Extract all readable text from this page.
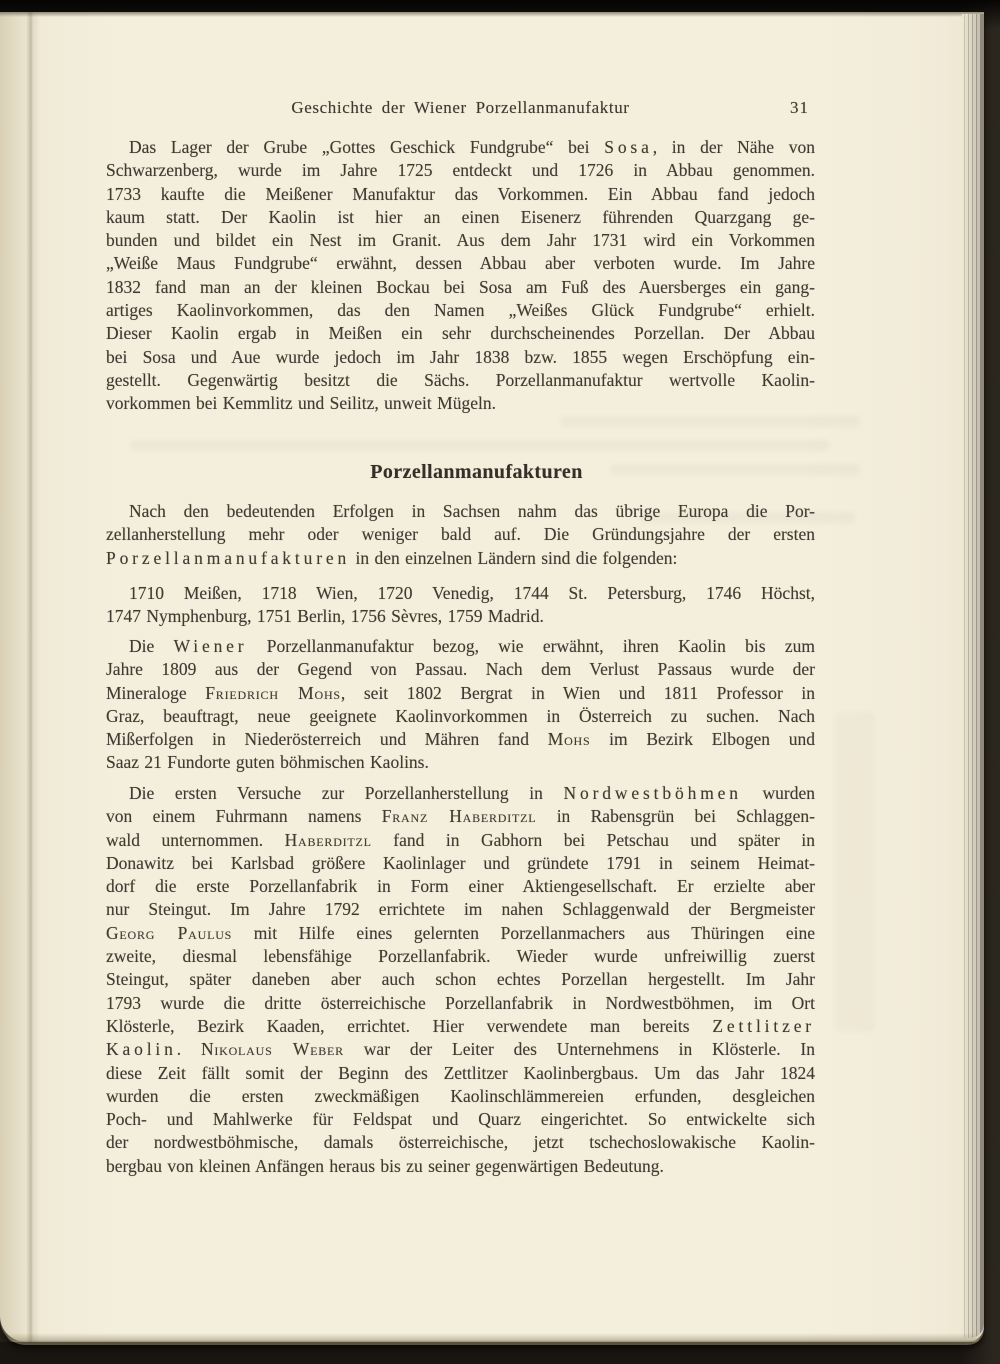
Geschichte der Wiener Porzellanmanufaktur	31
Das Lager der Grube „Gottes Geschick Fundgrube“ bei Sosa, in der Nähe von
Schwarzenberg, wurde im Jahre 1725 entdeckt und 1726 in Abbau genommen.
1733 kaufte die Meißener Manufaktur das Vorkommen. Ein Abbau fand jedoch
kaum statt. Der Kaolin ist hier an einen Eisenerz führenden Quarzgang ge-
bunden und bildet ein Nest im Granit. Aus dem Jahr 1731 wird ein Vorkommen
„Weiße Maus Fundgrube“ erwähnt, dessen Abbau aber verboten wurde. Im Jahre
1832 fand man an der kleinen Bockau bei Sosa am Fuß des Auersberges ein gang-
artiges Kaolinvorkommen, das den Namen „Weißes Glück Fundgrube“ erhielt.
Dieser Kaolin ergab in Meißen ein sehr durchscheinendes Porzellan. Der Abbau
bei Sosa und Aue wurde jedoch im Jahr 1838 bzw. 1855 wegen Erschöpfung ein-
gestellt. Gegenwärtig besitzt die Sächs. Porzellanmanufaktur wertvolle Kaolin-
vorkommen bei Kemmlitz und Seilitz, unweit Mügeln.
Porzellanmanufakturen
Nach den bedeutenden Erfolgen in Sachsen nahm das übrige Europa die Por-
zellanherstellung mehr oder weniger bald auf. Die Gründungsjahre der ersten
Porzellanmanufakturen in den einzelnen Ländern sind die folgenden:
1710 Meißen, 1718 Wien, 1720 Venedig, 1744 St. Petersburg, 1746 Höchst,
1747 Nymphenburg, 1751 Berlin, 1756 Sèvres, 1759 Madrid.
Die Wiener Porzellanmanufaktur bezog, wie erwähnt, ihren Kaolin bis zum
Jahre 1809 aus der Gegend von Passau. Nach dem Verlust Passaus wurde der
Mineraloge Friedrich Mohs, seit 1802 Bergrat in Wien und 1811 Professor in
Graz, beauftragt, neue geeignete Kaolinvorkommen in Österreich zu suchen. Nach
Mißerfolgen in Niederösterreich und Mähren fand Mohs im Bezirk Elbogen und
Saaz 21 Fundorte guten böhmischen Kaolins.
Die ersten Versuche zur Porzellanherstellung in Nordwestböhmen wurden
von einem Fuhrmann namens Franz Haberditzl in Rabensgrün bei Schlaggen-
wald unternommen. Haberditzl fand in Gabhorn bei Petschau und später in
Donawitz bei Karlsbad größere Kaolinlager und gründete 1791 in seinem Heimat-
dorf die erste Porzellanfabrik in Form einer Aktiengesellschaft. Er erzielte aber
nur Steingut. Im Jahre 1792 errichtete im nahen Schlaggenwald der Bergmeister
Georg Paulus mit Hilfe eines gelernten Porzellanmachers aus Thüringen eine
zweite, diesmal lebensfähige Porzellanfabrik. Wieder wurde unfreiwillig zuerst
Steingut, später daneben aber auch schon echtes Porzellan hergestellt. Im Jahr
1793 wurde die dritte österreichische Porzellanfabrik in Nordwestböhmen, im Ort
Klösterle, Bezirk Kaaden, errichtet. Hier verwendete man bereits Zettlitzer
Kaolin. Nikolaus Weber war der Leiter des Unternehmens in Klösterle. In
diese Zeit fällt somit der Beginn des Zettlitzer Kaolinbergbaus. Um das Jahr 1824
wurden die ersten zweckmäßigen Kaolinschlämmereien erfunden, desgleichen
Poch- und Mahlwerke für Feldspat und Quarz eingerichtet. So entwickelte sich
der nordwestböhmische, damals österreichische, jetzt tschechoslowakische Kaolin-
bergbau von kleinen Anfängen heraus bis zu seiner gegenwärtigen Bedeutung.
